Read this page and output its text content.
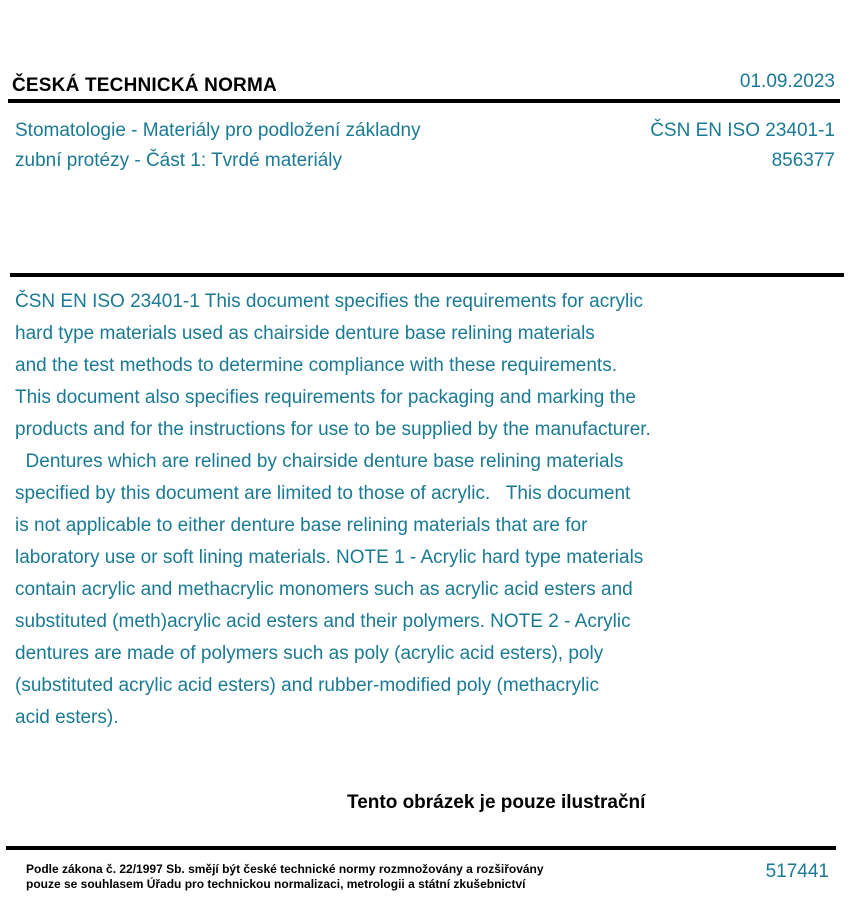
ČESKÁ TECHNICKÁ NORMA	01.09.2023
Stomatologie - Materiály pro podložení základny
zubní protézy - Část 1: Tvrdé materiály
ČSN EN ISO 23401-1
856377
ČSN EN ISO 23401-1 This document specifies the requirements for acrylic
hard type materials used as chairside denture base relining materials
and the test methods to determine compliance with these requirements.
This document also specifies requirements for packaging and marking the
products and for the instructions for use to be supplied by the manufacturer.
Dentures which are relined by chairside denture base relining materials
specified by this document are limited to those of acrylic.   This document
is not applicable to either denture base relining materials that are for
laboratory use or soft lining materials. NOTE 1 - Acrylic hard type materials
contain acrylic and methacrylic monomers such as acrylic acid esters and
substituted (meth)acrylic acid esters and their polymers. NOTE 2 - Acrylic
dentures are made of polymers such as poly (acrylic acid esters), poly
(substituted acrylic acid esters) and rubber-modified poly (methacrylic
acid esters).
Tento obrázek je pouze ilustrační
Podle zákona č. 22/1997 Sb. smějí být české technické normy rozmnožovány a rozšiřovány
pouze se souhlasem Úřadu pro technickou normalizaci, metrologii a státní zkušebnictví
517441
